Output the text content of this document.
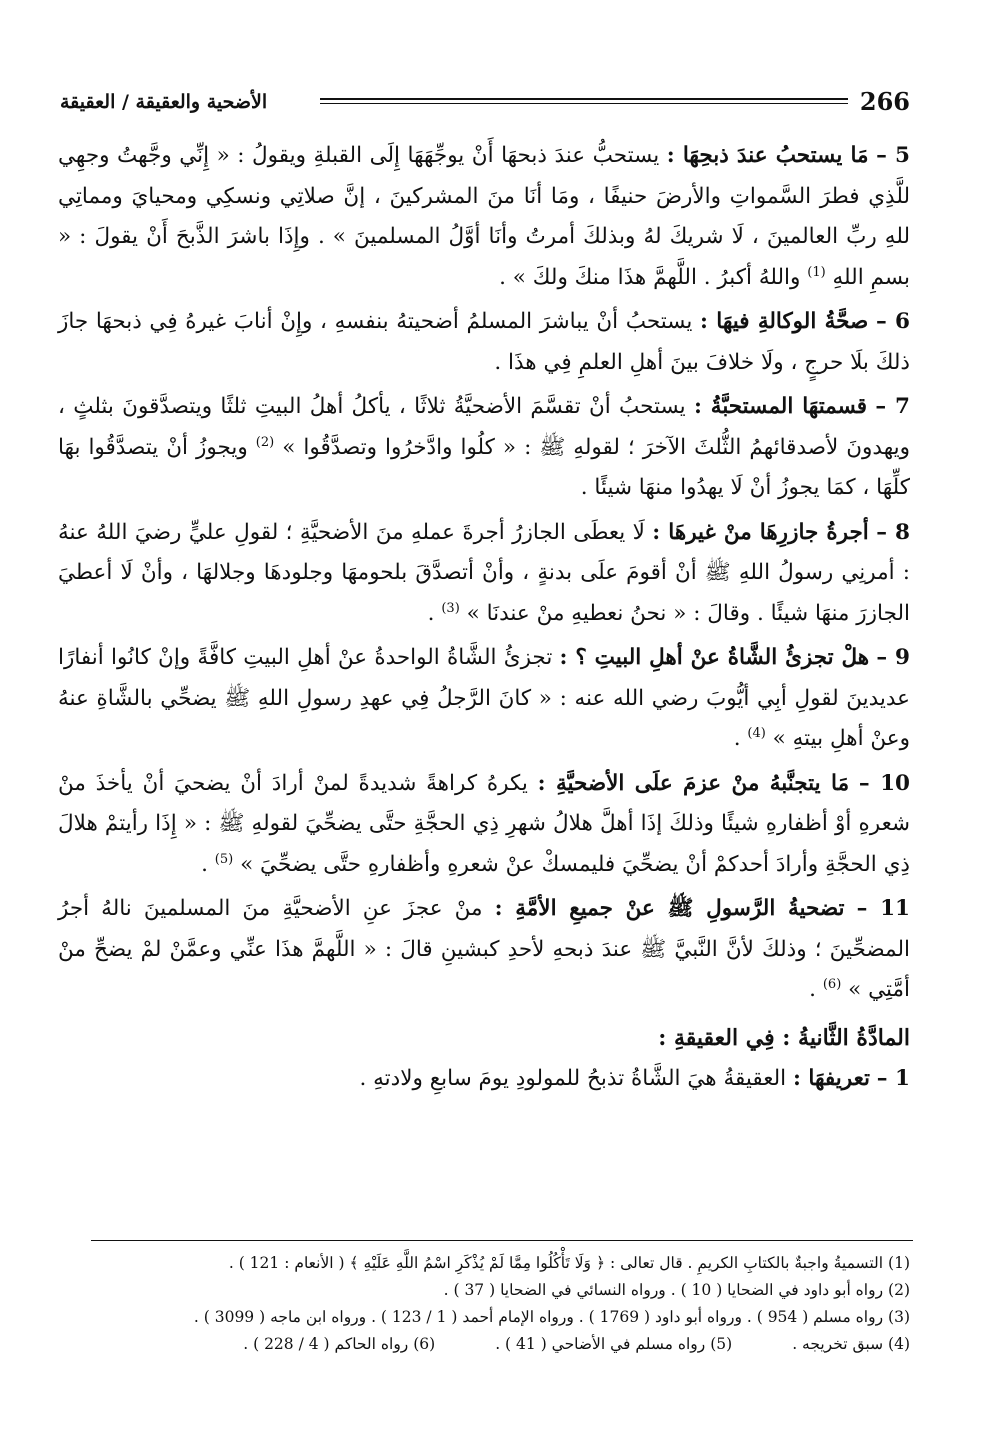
266
الأضحية والعقيقة / العقيقة

5 – مَا يستحبُ عندَ ذبحِهَا : يستحبُّ عندَ ذبحهَا أَنْ يوجِّهَهَا إِلَى القبلةِ ويقولُ : « إِنِّي وجَّهتُ وجهِي للَّذِي فطرَ السَّمواتِ والأرضَ حنيفًا ، ومَا أنَا منَ المشركينَ ، إنَّ صلاتِي ونسكِي ومحيايَ ومماتِي للهِ ربِّ العالمينَ ، لَا شريكَ لهُ وبذلكَ أمرتُ وأنَا أوَّلُ المسلمينَ » . وإِذَا باشرَ الذَّبحَ أَنْ يقولَ : « بسمِ اللهِ $^{(1)}$ واللهُ أكبرُ . اللَّهمَّ هذَا منكَ ولكَ » .

6 – صحَّةُ الوكالةِ فيهَا : يستحبُ أنْ يباشرَ المسلمُ أضحيتهُ بنفسهِ ، وإِنْ أنابَ غيرهُ فِي ذبحهَا جازَ ذلكَ بلَا حرجٍ ، ولَا خلافَ بينَ أهلِ العلمِ فِي هذَا .

7 – قسمتهَا المستحبَّةُ : يستحبُ أنْ تقسَّمَ الأضحيَّةُ ثلاثًا ، يأكلُ أهلُ البيتِ ثلثًا ويتصدَّقونَ بثلثٍ ، ويهدونَ لأصدقائهمُ الثُّلثَ الآخرَ ؛ لقولهِ ﷺ : « كلُوا وادَّخرُوا وتصدَّقُوا » $^{(2)}$ ويجوزُ أنْ يتصدَّقُوا بهَا كلِّهَا ، كمَا يجوزُ أنْ لَا يهدُوا منهَا شيئًا .

8 – أجرةُ جازرِهَا منْ غيرهَا : لَا يعطَى الجازرُ أجرةَ عملهِ منَ الأضحيَّةِ ؛ لقولِ عليٍّ رضيَ اللهُ عنهُ : أمرنِي رسولُ اللهِ ﷺ أنْ أقومَ علَى بدنةٍ ، وأنْ أتصدَّقَ بلحومهَا وجلودهَا وجلالهَا ، وأنْ لَا أعطيَ الجازرَ منهَا شيئًا . وقالَ : « نحنُ نعطيهِ منْ عندنَا » $^{(3)}$ .

9 – هلْ تجزئُ الشَّاةُ عنْ أهلِ البيتِ ؟ : تجزئُ الشَّاةُ الواحدةُ عنْ أهلِ البيتِ كافَّةً وإنْ كانُوا أنفارًا عديدينَ لقولِ أبِي أيُّوبَ رضي الله عنه : « كانَ الرَّجلُ فِي عهدِ رسولِ اللهِ ﷺ يضحِّي بالشَّاةِ عنهُ وعنْ أهلِ بيتهِ » $^{(4)}$ .

10 – مَا يتجنَّبهُ منْ عزمَ علَى الأضحيَّةِ : يكرهُ كراهةً شديدةً لمنْ أرادَ أنْ يضحيَ أنْ يأخذَ منْ شعرهِ أوْ أظفارهِ شيئًا وذلكَ إذَا أهلَّ هلالُ شهرِ ذِي الحجَّةِ حتَّى يضحِّيَ لقولهِ ﷺ : « إِذَا رأيتمْ هلالَ ذِي الحجَّةِ وأرادَ أحدكمْ أنْ يضحِّيَ فليمسكْ عنْ شعرهِ وأظفارهِ حتَّى يضحِّيَ » $^{(5)}$ .

11 – تضحيةُ الرَّسولِ ﷺ عنْ جميعِ الأمَّةِ : منْ عجزَ عنِ الأضحيَّةِ منَ المسلمينَ نالهُ أجرُ المضحِّينَ ؛ وذلكَ لأنَّ النَّبيَّ ﷺ عندَ ذبحهِ لأحدِ كبشينِ قالَ : « اللَّهمَّ هذَا عنِّي وعمَّنْ لمْ يضحِّ منْ أمَّتِي » $^{(6)}$ .

المادَّةُ الثَّانيةُ : فِي العقيقةِ :

1 – تعريفهَا : العقيقةُ هيَ الشَّاةُ تذبحُ للمولودِ يومَ سابعِ ولادتهِ .

(1) التسميةُ واجبةٌ بالكتابِ الكريمِ . قال تعالى : ﴿ وَلَا تَأْكُلُوا مِمَّا لَمْ يُذْكَرِ اسْمُ اللَّهِ عَلَيْهِ ﴾ ( الأنعام : 121 ) .
(2) رواه أبو داود في الضحايا ( 10 ) . ورواه النسائي في الضحايا ( 37 ) .
(3) رواه مسلم ( 954 ) . ورواه أبو داود ( 1769 ) . ورواه الإمام أحمد ( 1 / 123 ) . ورواه ابن ماجه ( 3099 ) .
(4) سبق تخريجه .
(5) رواه مسلم في الأضاحي ( 41 ) .
(6) رواه الحاكم ( 4 / 228 ) .
